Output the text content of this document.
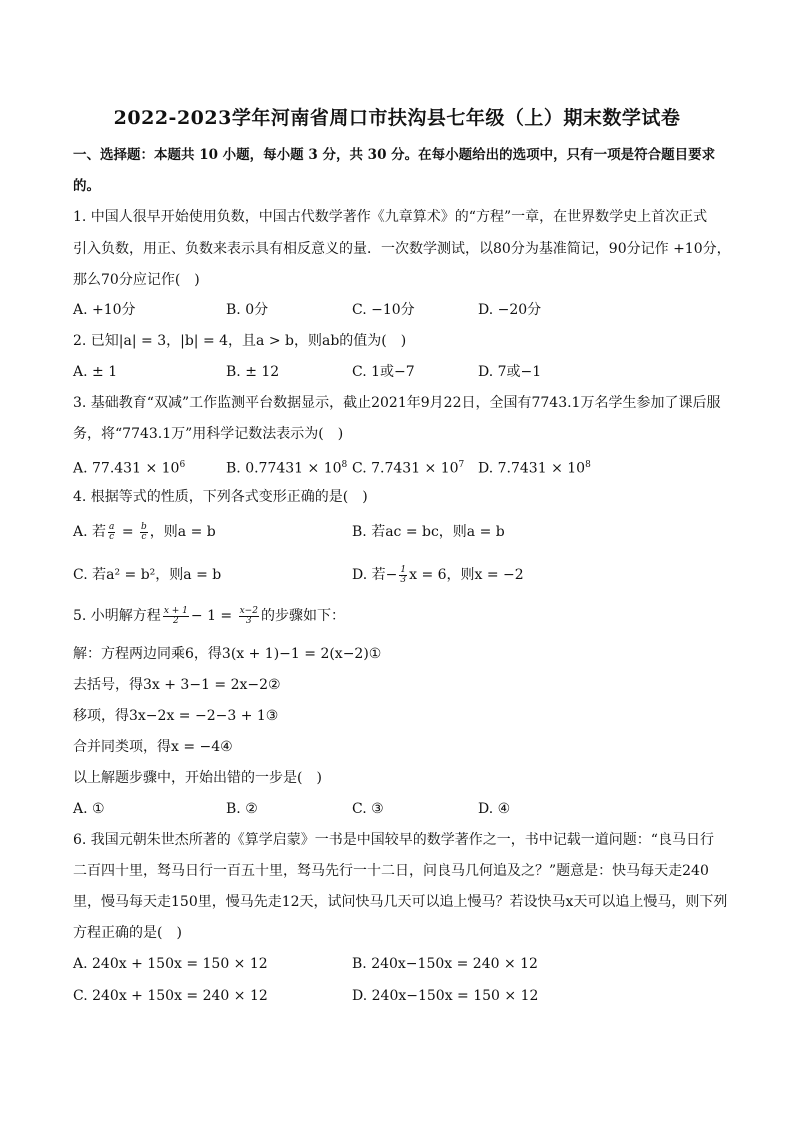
2022-2023学年河南省周口市扶沟县七年级（上）期末数学试卷
一、选择题：本题共 10 小题，每小题 3 分，共 30 分。在每小题给出的选项中，只有一项是符合题目要求
的。
1. 中国人很早开始使用负数，中国古代数学著作《九章算术》的“方程”一章，在世界数学史上首次正式
引入负数，用正、负数来表示具有相反意义的量．一次数学测试，以80分为基准简记，90分记作 +10分，
那么70分应记作(　)
A. +10分	B. 0分	C. −10分	D. −20分
2. 已知|a| = 3，|b| = 4，且a > b，则ab的值为(　)
A. ± 1	B. ± 12	C. 1或−7	D. 7或−1
3. 基础教育“双减”工作监测平台数据显示，截止2021年9月22日，全国有7743.1万名学生参加了课后服
务，将“7743.1万”用科学记数法表示为(　)
A. $77.431 \times 10^6$	B. $0.77431 \times 10^8$ C. $7.7431 \times 10^7$ D. $7.7431 \times 10^8$
4. 根据等式的性质，下列各式变形正确的是(　)
A. 若 $\frac{a}{c} = \frac{b}{c}$ ，则a = b	B. 若ac = bc，则a = b
C. 若a² = b²，则a = b	D. 若− $\frac{1}{3}$ x = 6，则x = −2
5. 小明解方程 $\frac{x + 1}{2} - 1 = \frac{x-2}{3}$ 的步骤如下：
解：方程两边同乘6，得3(x + 1)−1 = 2(x−2)①
去括号，得3x + 3−1 = 2x−2②
移项，得3x−2x = −2−3 + 1③
合并同类项，得x = −4④
以上解题步骤中，开始出错的一步是(　)
A. ①	B. ②	C. ③	D. ④
6. 我国元朝朱世杰所著的《算学启蒙》一书是中国较早的数学著作之一，书中记载一道问题：“良马日行
二百四十里，驽马日行一百五十里，驽马先行一十二日，问良马几何追及之？”题意是：快马每天走240
里，慢马每天走150里，慢马先走12天，试问快马几天可以追上慢马？若设快马x天可以追上慢马，则下列
方程正确的是(　)
A. 240x + 150x = 150 × 12	B. 240x−150x = 240 × 12
C. 240x + 150x = 240 × 12	D. 240x−150x = 150 × 12
